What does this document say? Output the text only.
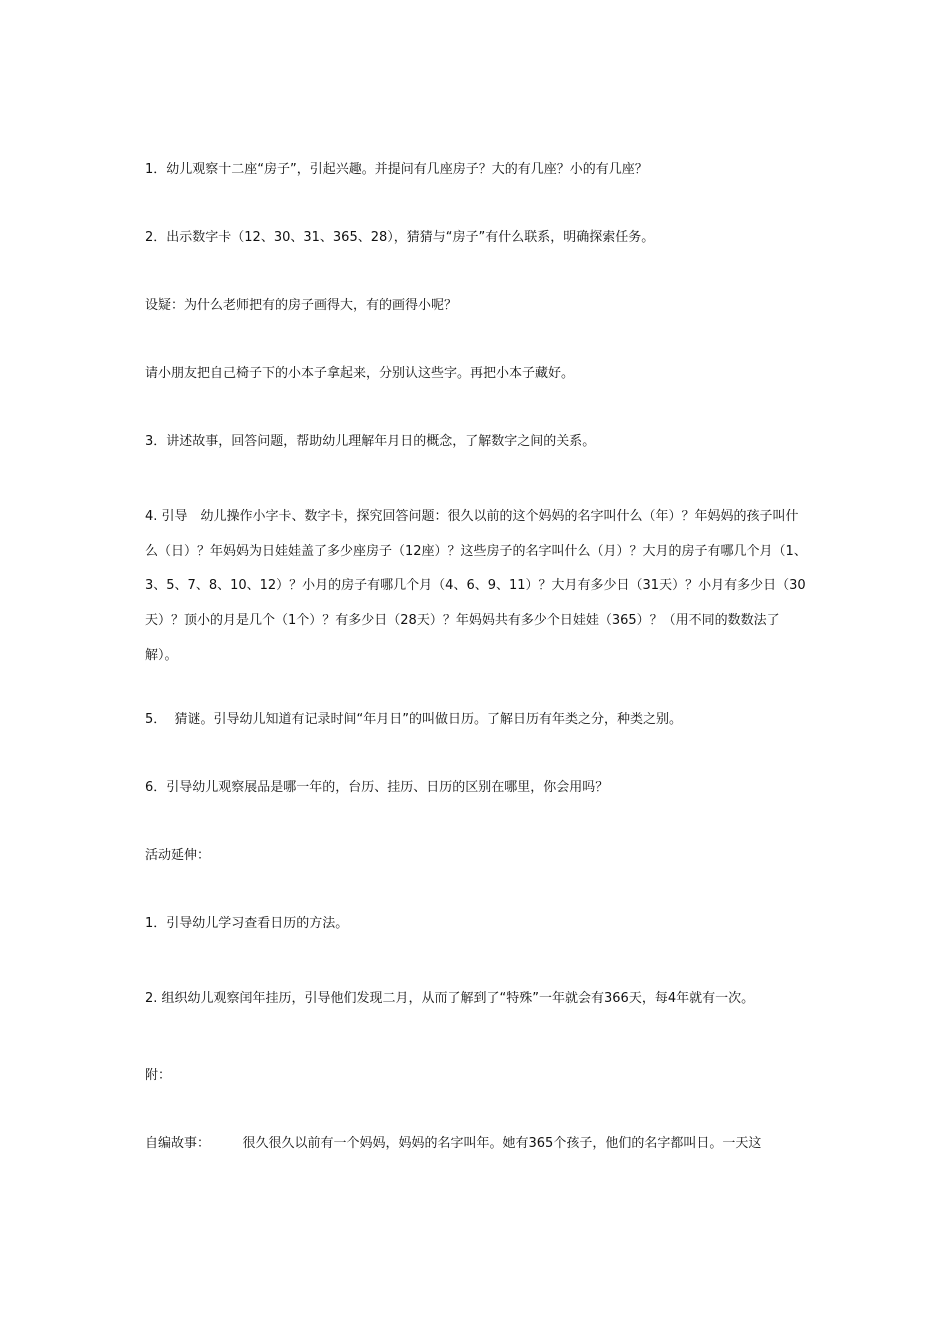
1．幼儿观察十二座“房子”，引起兴趣。并提问有几座房子？大的有几座？小的有几座？

2．出示数字卡（12、30、31、365、28），猜猜与“房子”有什么联系，明确探索任务。

设疑：为什么老师把有的房子画得大，有的画得小呢？

请小朋友把自己椅子下的小本子拿起来，分别认这些字。再把小本子藏好。

3．讲述故事，回答问题，帮助幼儿理解年月日的概念，了解数字之间的关系。

4. 引导　幼儿操作小字卡、数字卡，探究回答问题：很久以前的这个妈妈的名字叫什么（年）？年妈妈的孩子叫什么（日）？年妈妈为日娃娃盖了多少座房子（12座）？这些房子的名字叫什么（月）？大月的房子有哪几个月（1、3、5、7、8、10、12）？小月的房子有哪几个月（4、6、9、11）？大月有多少日（31天）？小月有多少日（30天）？顶小的月是几个（1个）？有多少日（28天）？年妈妈共有多少个日娃娃（365）？（用不同的数数法了解）。

5．  猜谜。引导幼儿知道有记录时间“年月日”的叫做日历。了解日历有年类之分，种类之别。

6．引导幼儿观察展品是哪一年的，台历、挂历、日历的区别在哪里，你会用吗？

活动延伸：

1．引导幼儿学习查看日历的方法。

2. 组织幼儿观察闰年挂历，引导他们发现二月，从而了解到了“特殊”一年就会有366天，每4年就有一次。

附：

自编故事：　　　很久很久以前有一个妈妈，妈妈的名字叫年。她有365个孩子，他们的名字都叫日。一天这
